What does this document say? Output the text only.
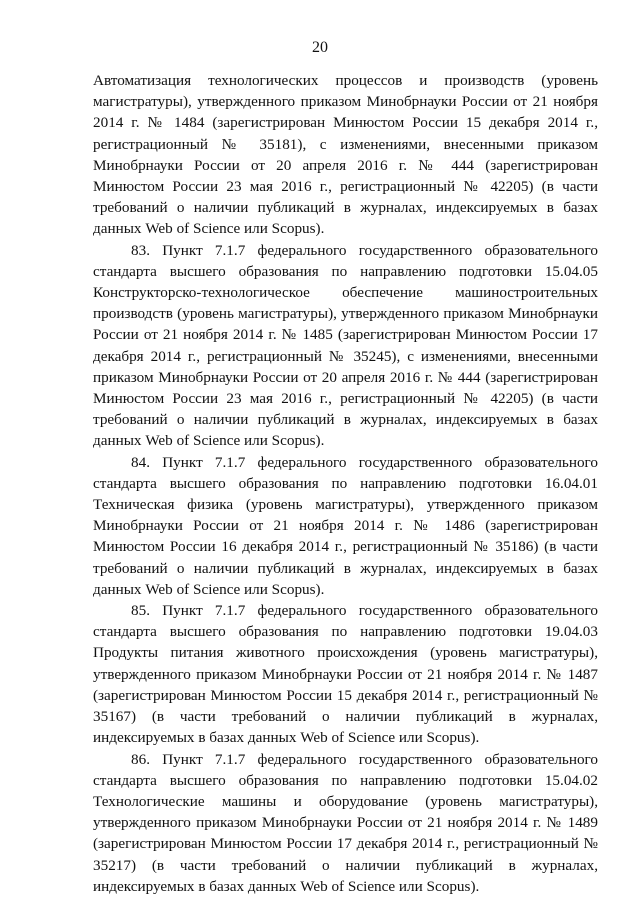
20

Автоматизация технологических процессов и производств (уровень магистратуры), утвержденного приказом Минобрнауки России от 21 ноября 2014 г. № 1484 (зарегистрирован Минюстом России 15 декабря 2014 г., регистрационный № 35181), с изменениями, внесенными приказом Минобрнауки России от 20 апреля 2016 г. № 444 (зарегистрирован Минюстом России 23 мая 2016 г., регистрационный № 42205) (в части требований о наличии публикаций в журналах, индексируемых в базах данных Web of Science или Scopus).

83. Пункт 7.1.7 федерального государственного образовательного стандарта высшего образования по направлению подготовки 15.04.05 Конструкторско-технологическое обеспечение машиностроительных производств (уровень магистратуры), утвержденного приказом Минобрнауки России от 21 ноября 2014 г. № 1485 (зарегистрирован Минюстом России 17 декабря 2014 г., регистрационный № 35245), с изменениями, внесенными приказом Минобрнауки России от 20 апреля 2016 г. № 444 (зарегистрирован Минюстом России 23 мая 2016 г., регистрационный № 42205) (в части требований о наличии публикаций в журналах, индексируемых в базах данных Web of Science или Scopus).

84. Пункт 7.1.7 федерального государственного образовательного стандарта высшего образования по направлению подготовки 16.04.01 Техническая физика (уровень магистратуры), утвержденного приказом Минобрнауки России от 21 ноября 2014 г. № 1486 (зарегистрирован Минюстом России 16 декабря 2014 г., регистрационный № 35186) (в части требований о наличии публикаций в журналах, индексируемых в базах данных Web of Science или Scopus).

85. Пункт 7.1.7 федерального государственного образовательного стандарта высшего образования по направлению подготовки 19.04.03 Продукты питания животного происхождения (уровень магистратуры), утвержденного приказом Минобрнауки России от 21 ноября 2014 г. № 1487 (зарегистрирован Минюстом России 15 декабря 2014 г., регистрационный № 35167) (в части требований о наличии публикаций в журналах, индексируемых в базах данных Web of Science или Scopus).

86. Пункт 7.1.7 федерального государственного образовательного стандарта высшего образования по направлению подготовки 15.04.02 Технологические машины и оборудование (уровень магистратуры), утвержденного приказом Минобрнауки России от 21 ноября 2014 г. № 1489 (зарегистрирован Минюстом России 17 декабря 2014 г., регистрационный № 35217) (в части требований о наличии публикаций в журналах, индексируемых в базах данных Web of Science или Scopus).
